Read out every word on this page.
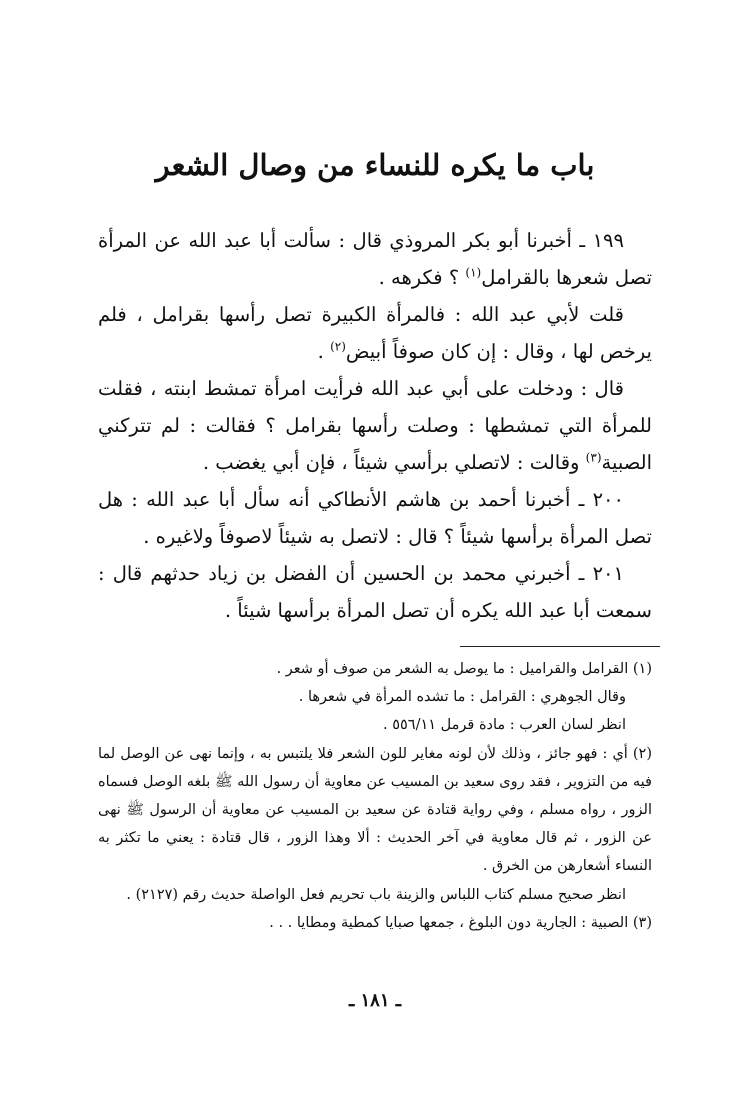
باب ما يكره للنساء من وصال الشعر

١٩٩ ـ أخبرنا أبو بكر المروذي قال : سألت أبا عبد الله عن المرأة تصل شعرها بالقرامل$^{(١)}$ ؟ فكرهه .

قلت لأبي عبد الله : فالمرأة الكبيرة تصل رأسها بقرامل ، فلم يرخص لها ، وقال : إن كان صوفاً أبيض$^{(٢)}$ .

قال : ودخلت على أبي عبد الله فرأيت امرأة تمشط ابنته ، فقلت للمرأة التي تمشطها : وصلت رأسها بقرامل ؟ فقالت : لم تتركني الصبية$^{(٣)}$ وقالت : لاتصلي برأسي شيئاً ، فإن أبي يغضب .

٢٠٠ ـ أخبرنا أحمد بن هاشم الأنطاكي أنه سأل أبا عبد الله : هل تصل المرأة برأسها شيئاً ؟ قال : لاتصل به شيئاً لاصوفاً ولاغيره .

٢٠١ ـ أخبرني محمد بن الحسين أن الفضل بن زياد حدثهم قال : سمعت أبا عبد الله يكره أن تصل المرأة برأسها شيئاً .

(١) القرامل والقراميل : ما يوصل به الشعر من صوف أو شعر .

وقال الجوهري : القرامل : ما تشده المرأة في شعرها .

انظر لسان العرب : مادة قرمل ٥٥٦/١١ .

(٢) أي : فهو جائز ، وذلك لأن لونه مغاير للون الشعر فلا يلتبس به ، وإنما نهى عن الوصل لما فيه من التزوير ، فقد روى سعيد بن المسيب عن معاوية أن رسول الله ﷺ بلغه الوصل فسماه الزور ، رواه مسلم ، وفي رواية قتادة عن سعيد بن المسيب عن معاوية أن الرسول ﷺ نهى عن الزور ، ثم قال معاوية في آخر الحديث : ألا وهذا الزور ، قال قتادة : يعني ما تكثر به النساء أشعارهن من الخرق .

انظر صحيح مسلم كتاب اللباس والزينة باب تحريم فعل الواصلة حديث رقم (٢١٢٧) .

(٣) الصبية : الجارية دون البلوغ ، جمعها صبايا كمطية ومطايا . . .

ـ ١٨١ ـ
